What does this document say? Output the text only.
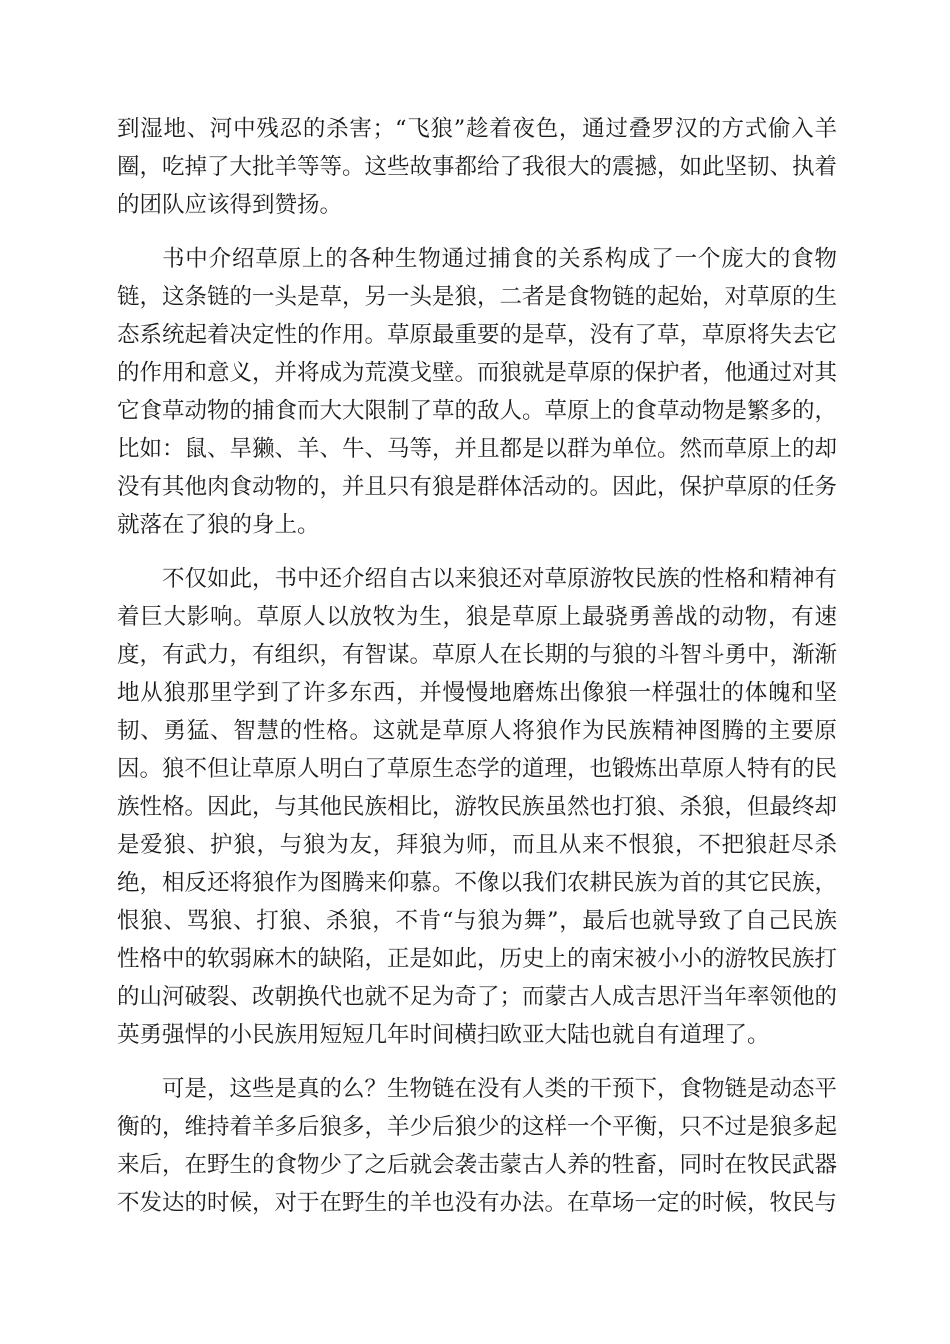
到湿地、河中残忍的杀害；“飞狼”趁着夜色，通过叠罗汉的方式偷入羊
圈，吃掉了大批羊等等。这些故事都给了我很大的震撼，如此坚韧、执着
的团队应该得到赞扬。
书中介绍草原上的各种生物通过捕食的关系构成了一个庞大的食物
链，这条链的一头是草，另一头是狼，二者是食物链的起始，对草原的生
态系统起着决定性的作用。草原最重要的是草，没有了草，草原将失去它
的作用和意义，并将成为荒漠戈壁。而狼就是草原的保护者，他通过对其
它食草动物的捕食而大大限制了草的敌人。草原上的食草动物是繁多的，
比如：鼠、旱獭、羊、牛、马等，并且都是以群为单位。然而草原上的却
没有其他肉食动物的，并且只有狼是群体活动的。因此，保护草原的任务
就落在了狼的身上。
不仅如此，书中还介绍自古以来狼还对草原游牧民族的性格和精神有
着巨大影响。草原人以放牧为生，狼是草原上最骁勇善战的动物，有速
度，有武力，有组织，有智谋。草原人在长期的与狼的斗智斗勇中，渐渐
地从狼那里学到了许多东西，并慢慢地磨炼出像狼一样强壮的体魄和坚
韧、勇猛、智慧的性格。这就是草原人将狼作为民族精神图腾的主要原
因。狼不但让草原人明白了草原生态学的道理，也锻炼出草原人特有的民
族性格。因此，与其他民族相比，游牧民族虽然也打狼、杀狼，但最终却
是爱狼、护狼，与狼为友，拜狼为师，而且从来不恨狼，不把狼赶尽杀
绝，相反还将狼作为图腾来仰慕。不像以我们农耕民族为首的其它民族，
恨狼、骂狼、打狼、杀狼，不肯“与狼为舞”，最后也就导致了自己民族
性格中的软弱麻木的缺陷，正是如此，历史上的南宋被小小的游牧民族打
的山河破裂、改朝换代也就不足为奇了；而蒙古人成吉思汗当年率领他的
英勇强悍的小民族用短短几年时间横扫欧亚大陆也就自有道理了。
可是，这些是真的么？生物链在没有人类的干预下，食物链是动态平
衡的，维持着羊多后狼多，羊少后狼少的这样一个平衡，只不过是狼多起
来后，在野生的食物少了之后就会袭击蒙古人养的牲畜，同时在牧民武器
不发达的时候，对于在野生的羊也没有办法。在草场一定的时候，牧民与
